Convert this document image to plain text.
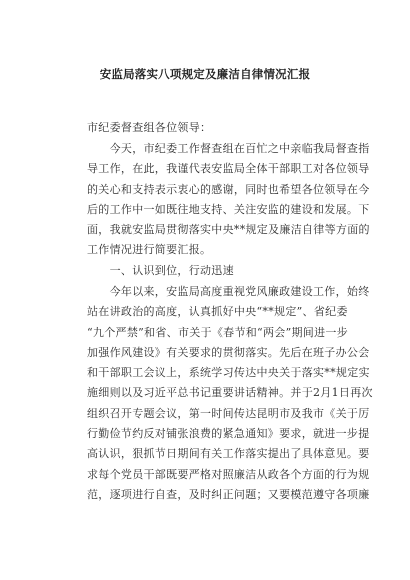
安监局落实八项规定及廉洁自律情况汇报
市纪委督查组各位领导：
　　今天，市纪委工作督查组在百忙之中亲临我局督查指
导工作，在此，我谨代表安监局全体干部职工对各位领导
的关心和支持表示衷心的感谢，同时也希望各位领导在今
后的工作中一如既往地支持、关注安监的建设和发展。下
面，我就安监局贯彻落实中央**规定及廉洁自律等方面的
工作情况进行简要汇报。
　　一、认识到位，行动迅速
　　今年以来，安监局高度重视党风廉政建设工作，始终
站在讲政治的高度，认真抓好中央“**规定”、省纪委
“九个严禁”和省、市关于《春节和“两会”期间进一步
加强作风建设》有关要求的贯彻落实。先后在班子办公会
和干部职工会议上，系统学习传达中央关于落实**规定实
施细则以及习近平总书记重要讲话精神。并于2月1日再次
组织召开专题会议，第一时间传达昆明市及我市《关于厉
行勤俭节约反对铺张浪费的紧急通知》要求，就进一步提
高认识，狠抓节日期间有关工作落实提出了具体意见。要
求每个党员干部既要严格对照廉洁从政各个方面的行为规
范，逐项进行自查，及时纠正问题；又要模范遵守各项廉
